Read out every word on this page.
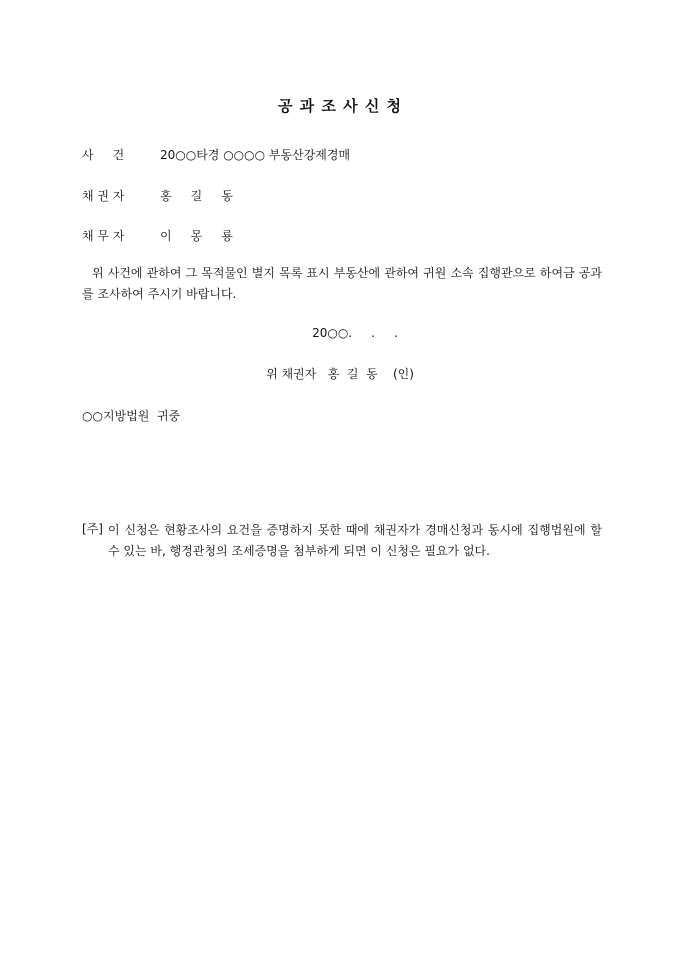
공 과 조 사 신 청
사     건	20○○타경 ○○○○ 부동산강제경매
채 권 자	홍     길     동
채 무 자	이     몽     룡
위 사건에 관하여 그 목적물인 별지 목록 표시 부동산에 관하여 귀원 소속 집행관으로 하여금 공과를 조사하여 주시기 바랍니다.
20○○.     .     .
위 채권자   홍  길  동    (인)
○○지방법원  귀중
[주] 이 신청은 현황조사의 요건을 증명하지 못한 때에 채권자가 경매신청과 동시에 집행법원에 할 수 있는 바, 행정관청의 조세증명을 첨부하게 되면 이 신청은 필요가 없다.
